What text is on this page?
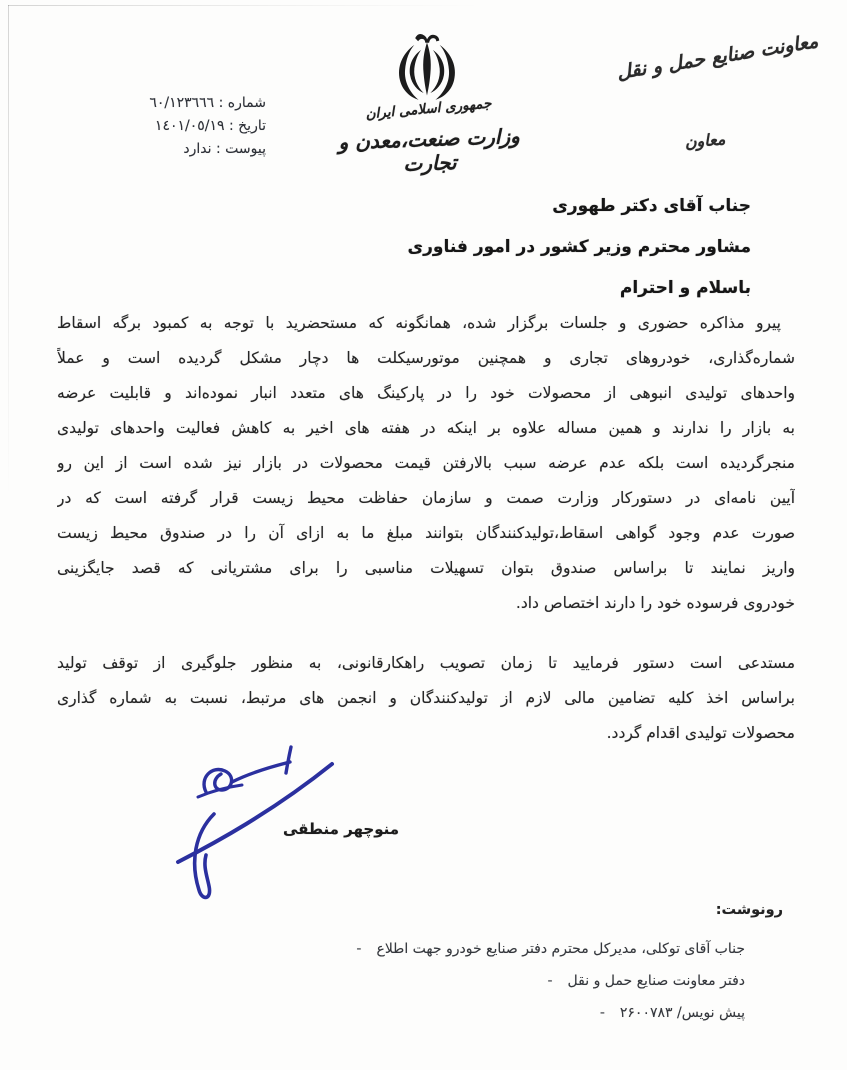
معاونت صنایع حمل و نقل
معاون
جمهوری اسلامی ایران
وزارت صنعت،معدن و تجارت
شماره : ٦٠/١٢٣٦٦٦
تاریخ : ١٤٠١/٠٥/١٩
پیوست : ندارد
جناب آقای دکتر طهوری
مشاور محترم وزیر کشور در امور فناوری
باسلام و احترام
پیرو مذاکره حضوری و جلسات برگزار شده، همانگونه که مستحضرید با توجه به کمبود برگه اسقاط
شماره‌گذاری، خودروهای تجاری و همچنین موتورسیکلت ها دچار مشکل گردیده است و عملاً
واحدهای تولیدی انبوهی از محصولات خود را در پارکینگ های متعدد انبار نموده‌اند و قابلیت عرضه
به بازار را ندارند و همین مساله علاوه بر اینکه در هفته های اخیر به کاهش فعالیت واحدهای تولیدی
منجرگردیده است بلکه عدم عرضه سبب بالارفتن قیمت محصولات در بازار نیز شده است از این رو
آیین نامه‌ای در دستورکار وزارت صمت و سازمان حفاظت محیط زیست قرار گرفته است که در
صورت عدم وجود گواهی اسقاط،تولیدکنندگان بتوانند مبلغ ما به ازای آن را در صندوق محیط زیست
واریز نمایند تا براساس صندوق بتوان تسهیلات مناسبی را برای مشتریانی که قصد جایگزینی
خودروی فرسوده خود را دارند اختصاص داد.
مستدعی است دستور فرمایید تا زمان تصویب راهکارقانونی، به منظور جلوگیری از توقف تولید
براساس اخذ کلیه تضامین مالی لازم از تولیدکنندگان و انجمن های مرتبط، نسبت به شماره گذاری
محصولات تولیدی اقدام گردد.
منوچهر منطقی
رونوشت:
- جناب آقای توکلی، مدیرکل محترم دفتر صنایع خودرو جهت اطلاع
- دفتر معاونت صنایع حمل و نقل
- پیش نویس/ ۲۶۰۰۷۸۳
